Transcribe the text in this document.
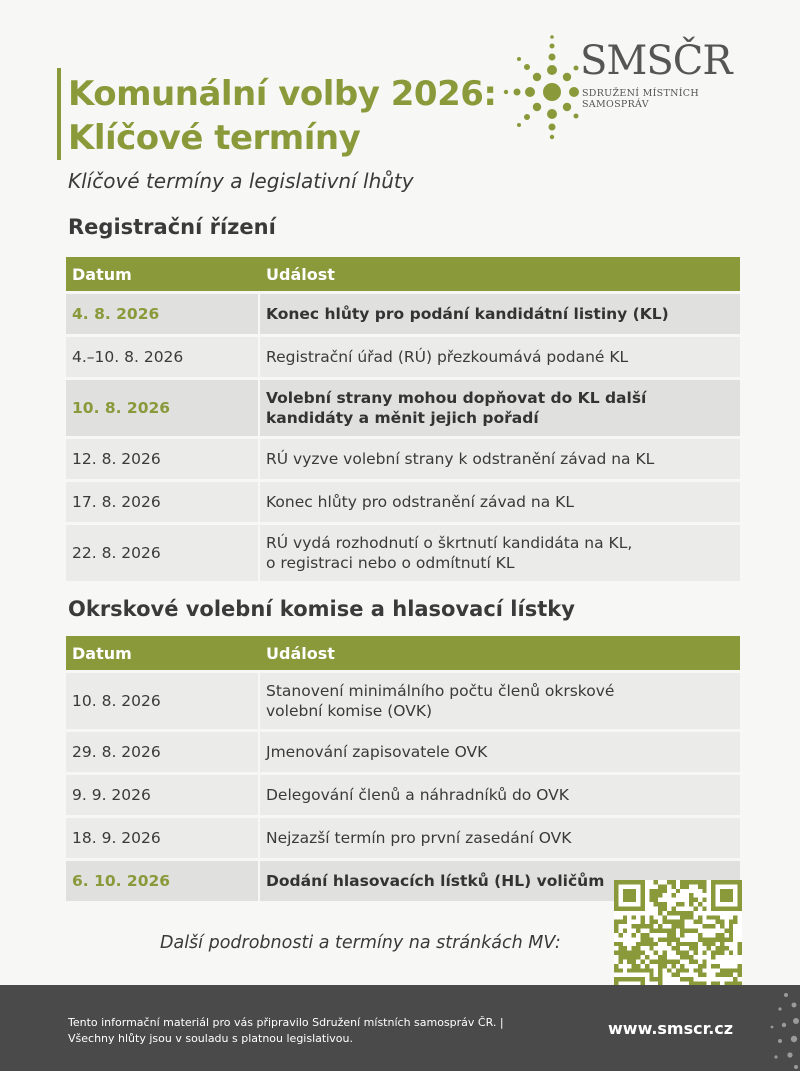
Komunální volby 2026:
Klíčové termíny
Klíčové termíny a legislativní lhůty
SMSČR
SDRUŽENÍ MÍSTNÍCH SAMOSPRÁV
Registrační řízení
Datum	Událost
4. 8. 2026	Konec hlůty pro podání kandidátní listiny (KL)
4.–10. 8. 2026	Registrační úřad (RÚ) přezkoumává podané KL
10. 8. 2026	Volební strany mohou dopňovat do KL další
kandidáty a měnit jejich pořadí
12. 8. 2026	RÚ vyzve volební strany k odstranění závad na KL
17. 8. 2026	Konec hlůty pro odstranění závad na KL
22. 8. 2026	RÚ vydá rozhodnutí o škrtnutí kandidáta na KL,
o registraci nebo o odmítnutí KL
Okrskové volební komise a hlasovací lístky
Datum	Událost
10. 8. 2026	Stanovení minimálního počtu členů okrskové
volební komise (OVK)
29. 8. 2026	Jmenování zapisovatele OVK
9. 9. 2026	Delegování členů a náhradníků do OVK
18. 9. 2026	Nejzazší termín pro první zasedání OVK
6. 10. 2026	Dodání hlasovacích lístků (HL) voličům
Další podrobnosti a termíny na stránkách MV:
Tento informační materiál pro vás připravilo Sdružení místních samospráv ČR. |
Všechny hlůty jsou v souladu s platnou legislativou.
www.smscr.cz
